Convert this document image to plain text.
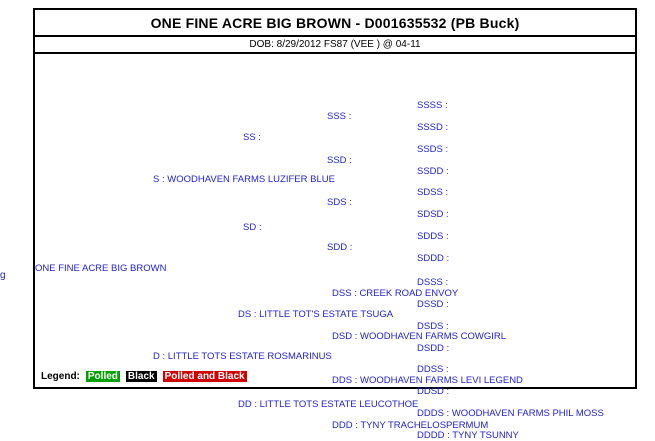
g
ONE FINE ACRE BIG BROWN - D001635532 (PB Buck)
DOB: 8/29/2012 FS87 (VEE ) @ 04-11
ONE FINE ACRE BIG BROWN
S : WOODHAVEN FARMS LUZIFER BLUE
SS :
SD :
SSS :
SSD :
SDS :
SDD :
SSSS :
SSSD :
SSDS :
SSDD :
SDSS :
SDSD :
SDDS :
SDDD :
D : LITTLE TOTS ESTATE ROSMARINUS
DS : LITTLE TOT'S ESTATE TSUGA
DD : LITTLE TOTS ESTATE LEUCOTHOE
DSS : CREEK ROAD ENVOY
DSD : WOODHAVEN FARMS COWGIRL
DDS : WOODHAVEN FARMS LEVI LEGEND
DDD : TYNY TRACHELOSPERMUM
DSSS :
DSSD :
DSDS :
DSDD :
DDSS :
DDSD :
DDDS : WOODHAVEN FARMS PHIL MOSS
DDDD : TYNY TSUNNY
Legend: Polled Black Polled and Black
